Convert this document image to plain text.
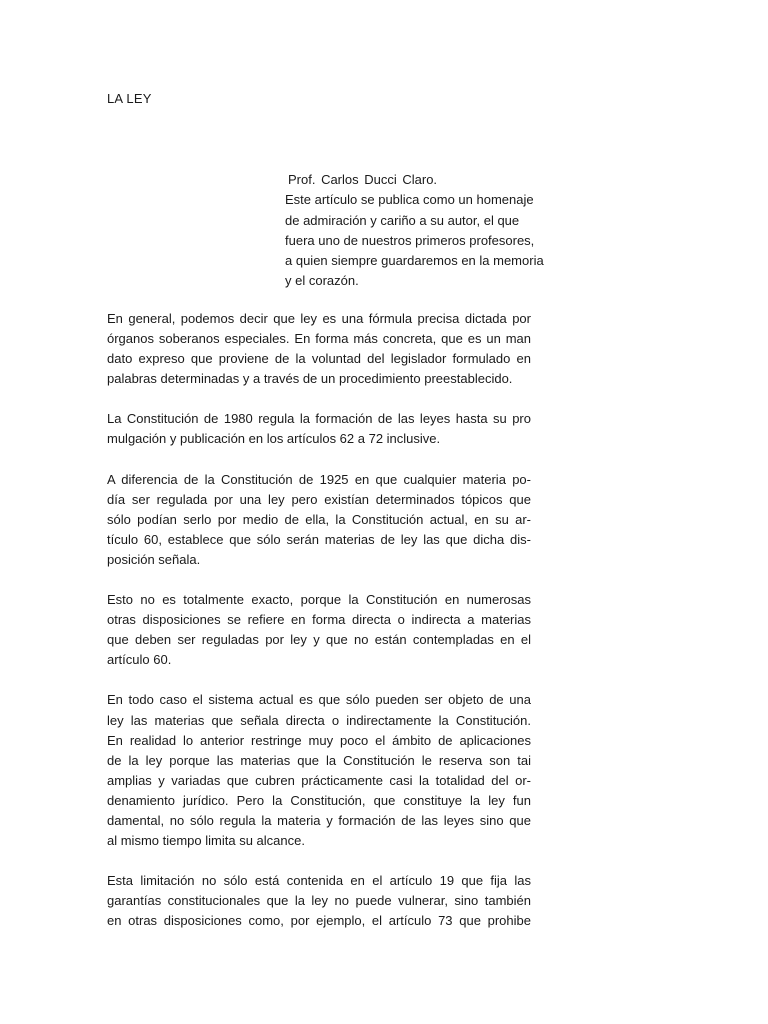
LA LEY
Prof. Carlos Ducci Claro.
Este artículo se publica como un homenaje
de admiración y cariño a su autor, el que
fuera uno de nuestros primeros profesores,
a quien siempre guardaremos en la memoria
y el corazón.
En general, podemos decir que ley es una fórmula precisa dictada por
órganos soberanos especiales. En forma más concreta, que es un man
dato expreso que proviene de la voluntad del legislador formulado en
palabras determinadas y a través de un procedimiento preestablecido.
La Constitución de 1980 regula la formación de las leyes hasta su pro
mulgación y publicación en los artículos 62 a 72 inclusive.
A diferencia de la Constitución de 1925 en que cualquier materia po-
día ser regulada por una ley pero existían determinados tópicos que
sólo podían serlo por medio de ella, la Constitución actual, en su ar-
tículo 60, establece que sólo serán materias de ley las que dicha dis-
posición señala.
Esto no es totalmente exacto, porque la Constitución en numerosas
otras disposiciones se refiere en forma directa o indirecta a materias
que deben ser reguladas por ley y que no están contempladas en el
artículo 60.
En todo caso el sistema actual es que sólo pueden ser objeto de una
ley las materias que señala directa o indirectamente la Constitución.
En realidad lo anterior restringe muy poco el ámbito de aplicaciones
de la ley porque las materias que la Constitución le reserva son tai
amplias y variadas que cubren prácticamente casi la totalidad del or-
denamiento jurídico. Pero la Constitución, que constituye la ley fun
damental, no sólo regula la materia y formación de las leyes sino que
al mismo tiempo limita su alcance.
Esta limitación no sólo está contenida en el artículo 19 que fija las
garantías constitucionales que la ley no puede vulnerar, sino también
en otras disposiciones como, por ejemplo, el artículo 73 que prohibe
